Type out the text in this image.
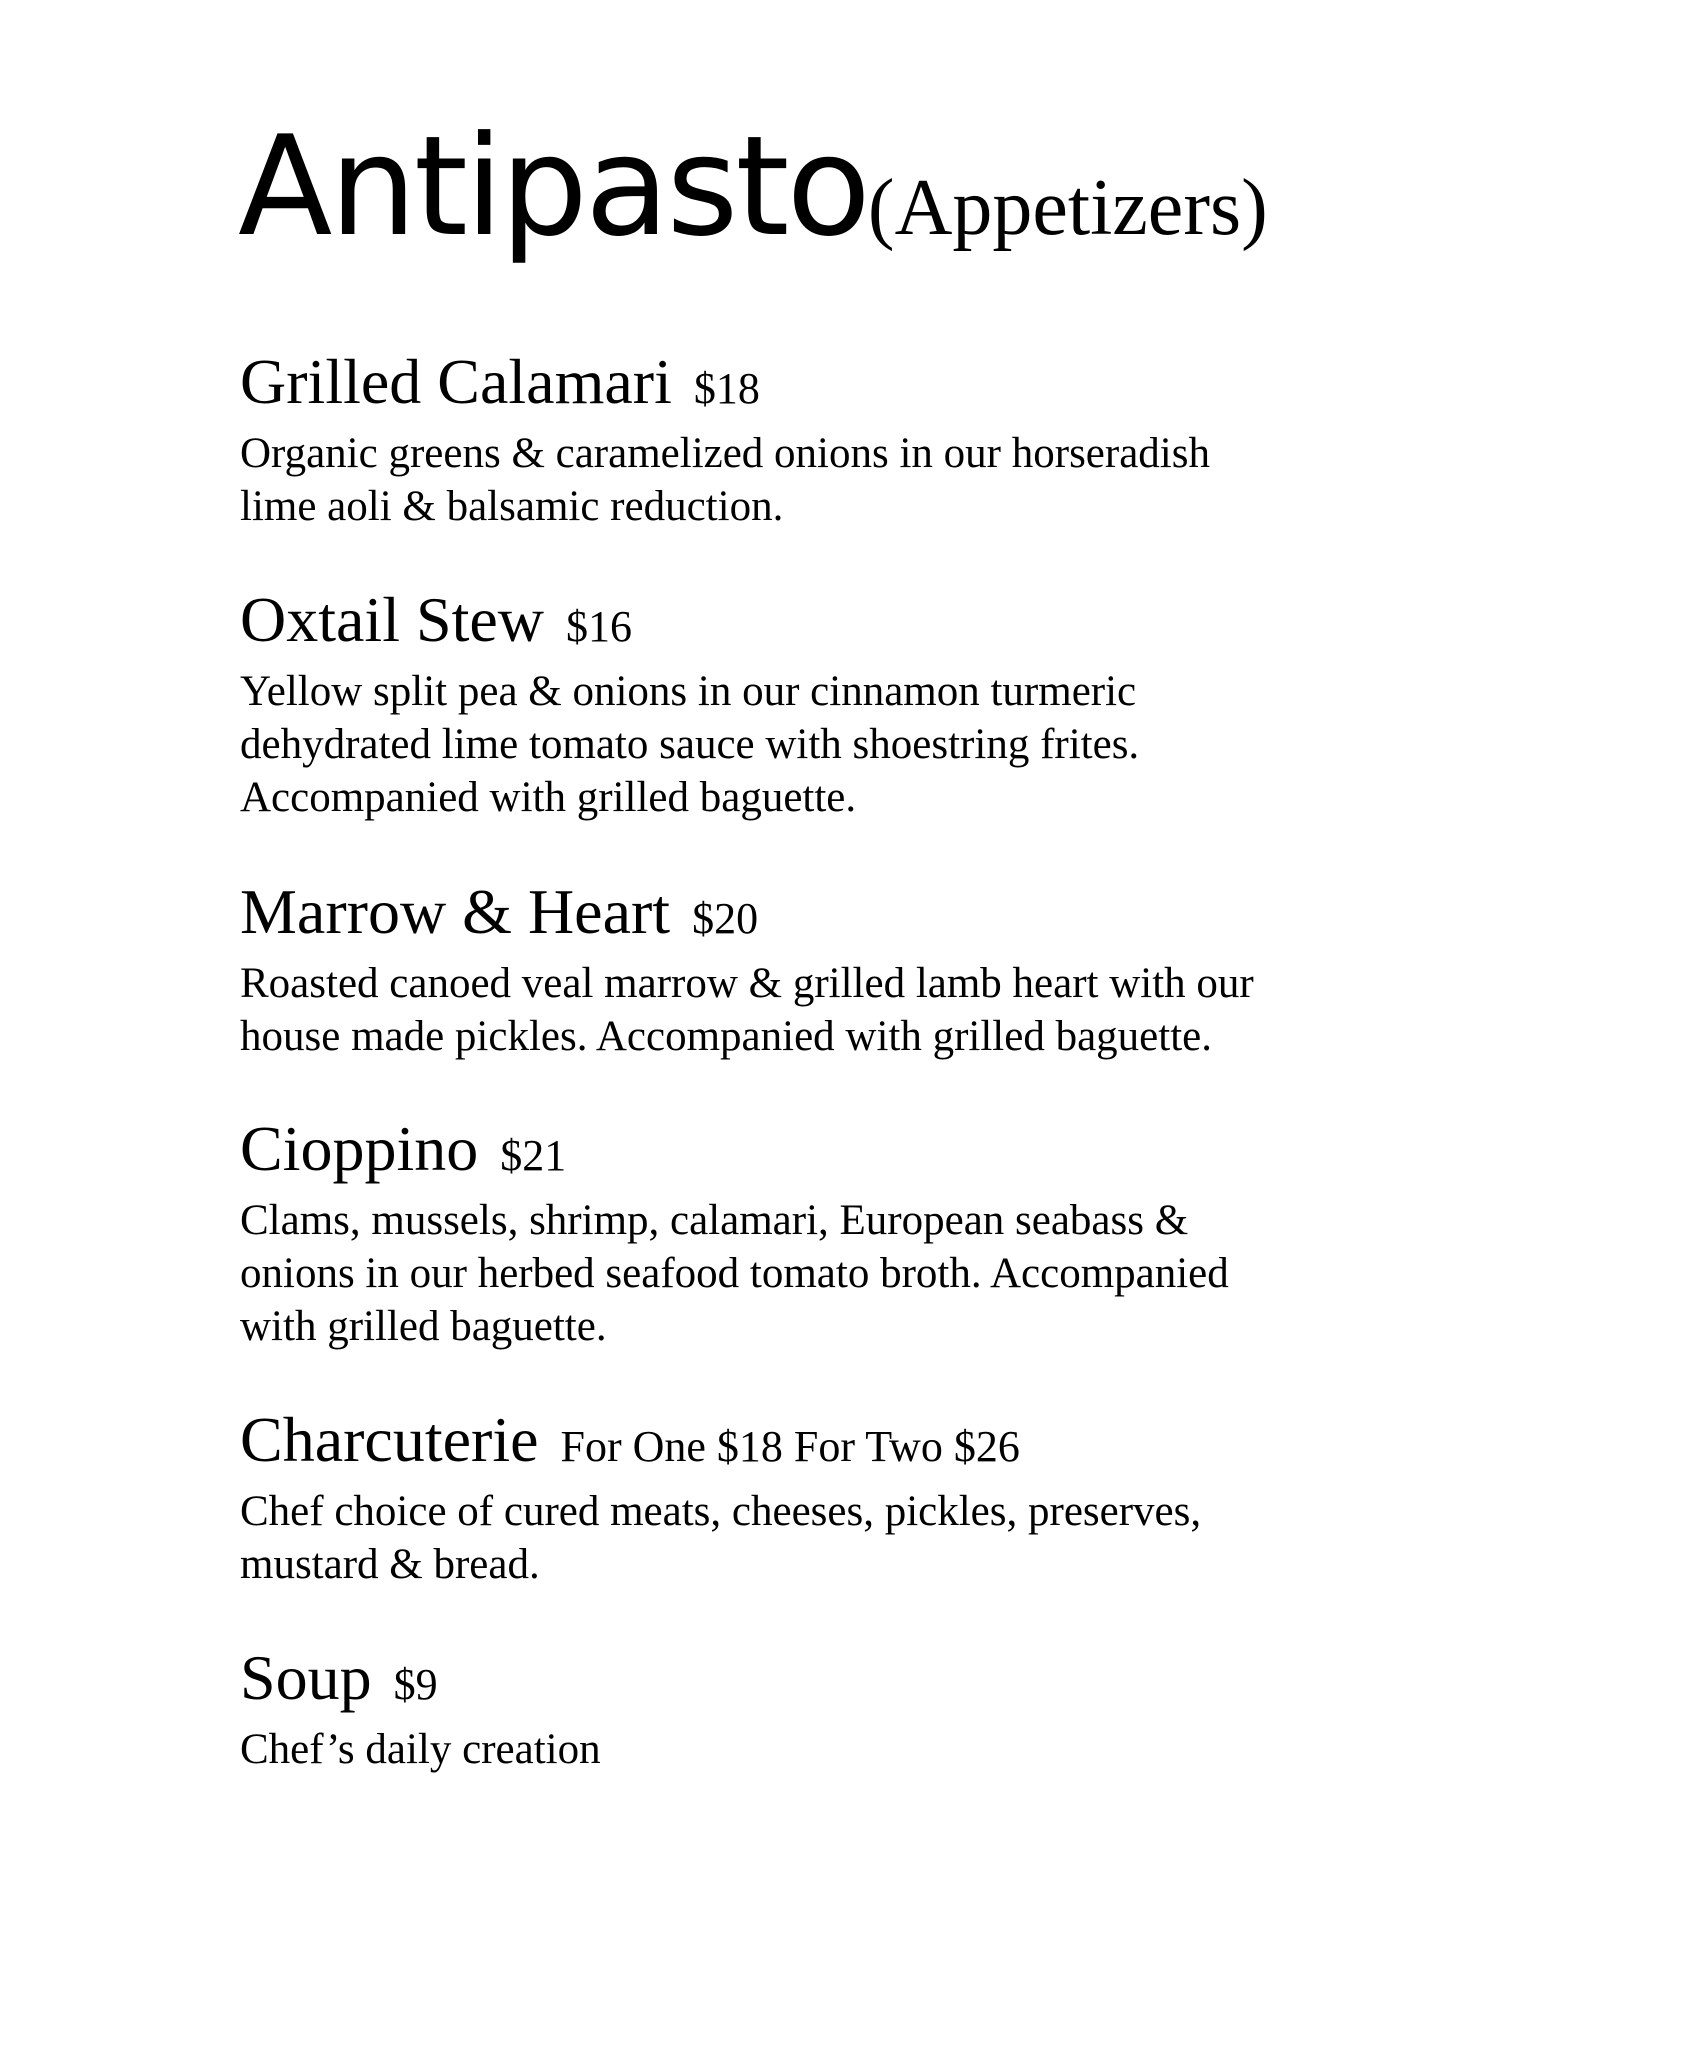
Antipasto(Appetizers)
Grilled Calamari $18
Organic greens & caramelized onions in our horseradish
lime aoli & balsamic reduction.
Oxtail Stew $16
Yellow split pea & onions in our cinnamon turmeric
dehydrated lime tomato sauce with shoestring frites.
Accompanied with grilled baguette.
Marrow & Heart $20
Roasted canoed veal marrow & grilled lamb heart with our
house made pickles. Accompanied with grilled baguette.
Cioppino $21
Clams, mussels, shrimp, calamari, European seabass &
onions in our herbed seafood tomato broth. Accompanied
with grilled baguette.
Charcuterie For One $18 For Two $26
Chef choice of cured meats, cheeses, pickles, preserves,
mustard & bread.
Soup $9
Chef’s daily creation
